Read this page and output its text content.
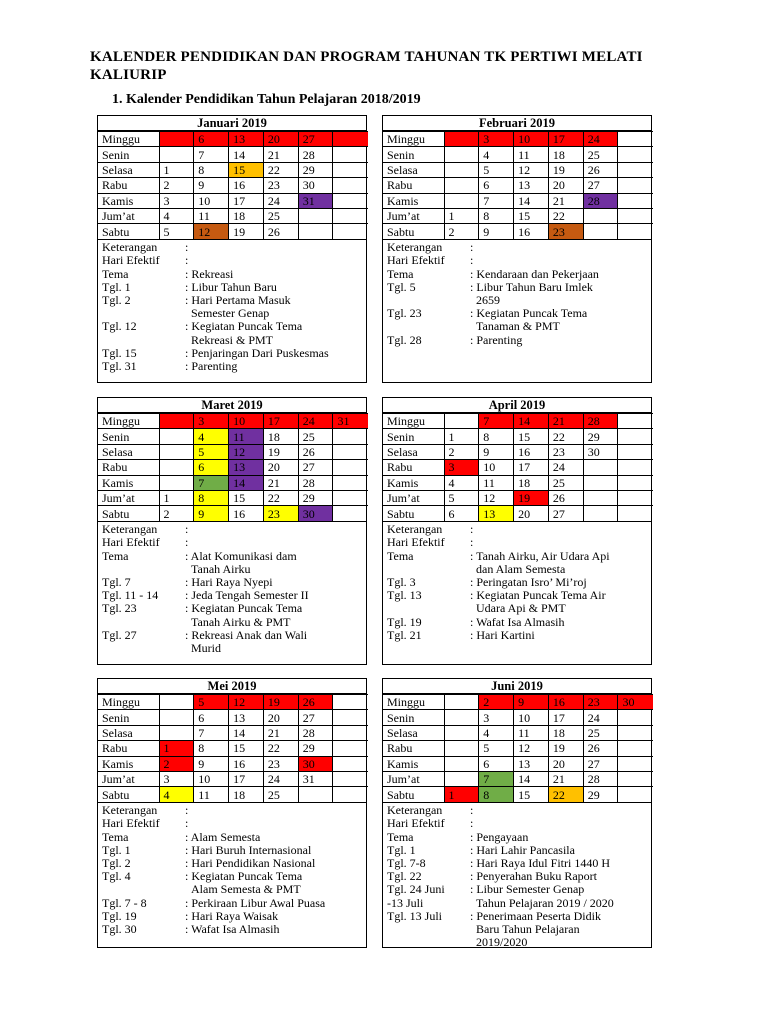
KALENDER PENDIDIKAN DAN PROGRAM TAHUNAN TK PERTIWI MELATI KALIURIP
1. Kalender Pendidikan Tahun Pelajaran 2018/2019
Januari 2019
Minggu		6	13	20	27	
Senin		7	14	21	28	
Selasa	1	8	15	22	29	
Rabu	2	9	16	23	30	
Kamis	3	10	17	24	31	
Jum’at	4	11	18	25		
Sabtu	5	12	19	26		
Keterangan	:
Hari Efektif	:
Tema	: Rekreasi
Tgl. 1	: Libur Tahun Baru
Tgl. 2	: Hari Pertama Masuk
Semester Genap
Tgl. 12	: Kegiatan Puncak Tema
Rekreasi & PMT
Tgl. 15	: Penjaringan Dari Puskesmas
Tgl. 31	: Parenting
Februari 2019
Minggu		3	10	17	24	
Senin		4	11	18	25	
Selasa		5	12	19	26	
Rabu		6	13	20	27	
Kamis		7	14	21	28	
Jum’at	1	8	15	22		
Sabtu	2	9	16	23		
Keterangan	:
Hari Efektif	:
Tema	: Kendaraan dan Pekerjaan
Tgl. 5	: Libur Tahun Baru Imlek
2659
Tgl. 23	: Kegiatan Puncak Tema
Tanaman & PMT
Tgl. 28	: Parenting
Maret 2019
Minggu		3	10	17	24	31
Senin		4	11	18	25	
Selasa		5	12	19	26	
Rabu		6	13	20	27	
Kamis		7	14	21	28	
Jum’at	1	8	15	22	29	
Sabtu	2	9	16	23	30	
Keterangan	:
Hari Efektif	:
Tema	: Alat Komunikasi dam
Tanah Airku
Tgl. 7	: Hari Raya Nyepi
Tgl. 11 - 14	: Jeda Tengah Semester II
Tgl. 23	: Kegiatan Puncak Tema
Tanah Airku & PMT
Tgl. 27	: Rekreasi Anak dan Wali
Murid
April 2019
Minggu		7	14	21	28	
Senin	1	8	15	22	29	
Selasa	2	9	16	23	30	
Rabu	3	10	17	24		
Kamis	4	11	18	25		
Jum’at	5	12	19	26		
Sabtu	6	13	20	27		
Keterangan	:
Hari Efektif	:
Tema	: Tanah Airku, Air Udara Api
dan Alam Semesta
Tgl. 3	: Peringatan Isro’ Mi’roj
Tgl. 13	: Kegiatan Puncak Tema Air
Udara Api & PMT
Tgl. 19	: Wafat Isa Almasih
Tgl. 21	: Hari Kartini
Mei 2019
Minggu		5	12	19	26	
Senin		6	13	20	27	
Selasa		7	14	21	28	
Rabu	1	8	15	22	29	
Kamis	2	9	16	23	30	
Jum’at	3	10	17	24	31	
Sabtu	4	11	18	25		
Keterangan	:
Hari Efektif	:
Tema	: Alam Semesta
Tgl. 1	: Hari Buruh Internasional
Tgl. 2	: Hari Pendidikan Nasional
Tgl. 4	: Kegiatan Puncak Tema
Alam Semesta & PMT
Tgl. 7 - 8	: Perkiraan Libur Awal Puasa
Tgl. 19	: Hari Raya Waisak
Tgl. 30	: Wafat Isa Almasih
Juni 2019
Minggu		2	9	16	23	30
Senin		3	10	17	24	
Selasa		4	11	18	25	
Rabu		5	12	19	26	
Kamis		6	13	20	27	
Jum’at		7	14	21	28	
Sabtu	1	8	15	22	29	
Keterangan	:
Hari Efektif	:
Tema	: Pengayaan
Tgl. 1	: Hari Lahir Pancasila
Tgl. 7-8	: Hari Raya Idul Fitri 1440 H
Tgl. 22	: Penyerahan Buku Raport
Tgl. 24 Juni	: Libur Semester Genap
-13 Juli	Tahun Pelajaran 2019 / 2020
Tgl. 13 Juli	: Penerimaan Peserta Didik
Baru Tahun Pelajaran
2019/2020
